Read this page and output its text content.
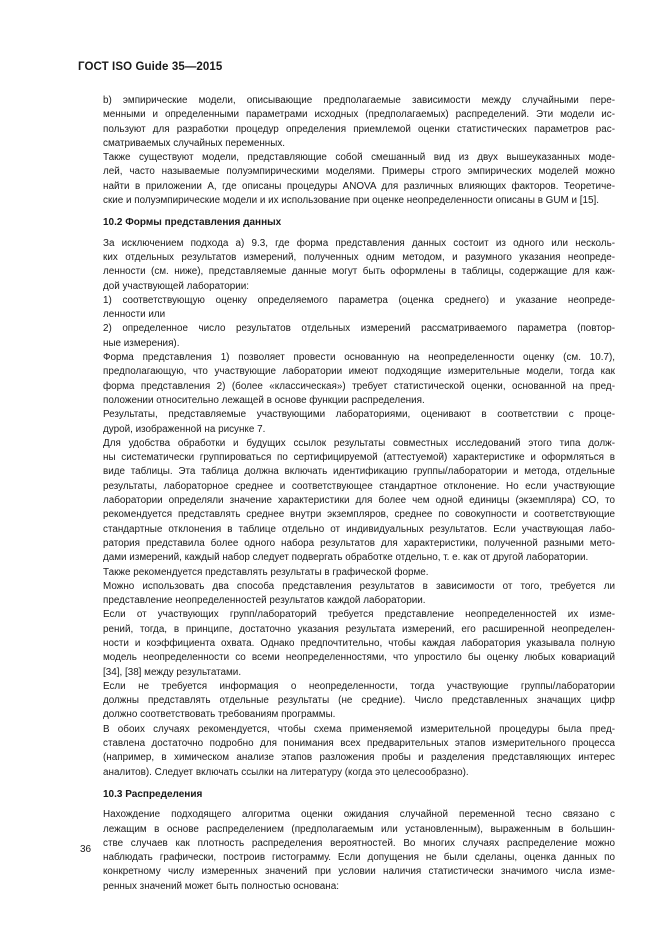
ГОСТ ISO Guide 35—2015
b) эмпирические модели, описывающие предполагаемые зависимости между случайными пере-
менными и определенными параметрами исходных (предполагаемых) распределений. Эти модели ис-
пользуют для разработки процедур определения приемлемой оценки статистических параметров рас-
сматриваемых случайных переменных.
Также существуют модели, представляющие собой смешанный вид из двух вышеуказанных моде-
лей, часто называемые полуэмпирическими моделями. Примеры строго эмпирических моделей можно
найти в приложении А, где описаны процедуры ANOVA для различных влияющих факторов. Теоретиче-
ские и полуэмпирические модели и их использование при оценке неопределенности описаны в GUM и [15].
10.2 Формы представления данных
За исключением подхода а) 9.3, где форма представления данных состоит из одного или несколь-
ких отдельных результатов измерений, полученных одним методом, и разумного указания неопреде-
ленности (см. ниже), представляемые данные могут быть оформлены в таблицы, содержащие для каж-
дой участвующей лаборатории:
1) соответствующую оценку определяемого параметра (оценка среднего) и указание неопреде-
ленности или
2) определенное число результатов отдельных измерений рассматриваемого параметра (повтор-
ные измерения).
Форма представления 1) позволяет провести основанную на неопределенности оценку (см. 10.7),
предполагающую, что участвующие лаборатории имеют подходящие измерительные модели, тогда как
форма представления 2) (более «классическая») требует статистической оценки, основанной на пред-
положении относительно лежащей в основе функции распределения.
Результаты, представляемые участвующими лабораториями, оценивают в соответствии с проце-
дурой, изображенной на рисунке 7.
Для удобства обработки и будущих ссылок результаты совместных исследований этого типа долж-
ны систематически группироваться по сертифицируемой (аттестуемой) характеристике и оформляться в
виде таблицы. Эта таблица должна включать идентификацию группы/лаборатории и метода, отдельные
результаты, лабораторное среднее и соответствующее стандартное отклонение. Но если участвующие
лаборатории определяли значение характеристики для более чем одной единицы (экземпляра) СО, то
рекомендуется представлять среднее внутри экземпляров, среднее по совокупности и соответствующие
стандартные отклонения в таблице отдельно от индивидуальных результатов. Если участвующая лабо-
ратория представила более одного набора результатов для характеристики, полученной разными мето-
дами измерений, каждый набор следует подвергать обработке отдельно, т. е. как от другой лаборатории.
Также рекомендуется представлять результаты в графической форме.
Можно использовать два способа представления результатов в зависимости от того, требуется ли
представление неопределенностей результатов каждой лаборатории.
Если от участвующих групп/лабораторий требуется представление неопределенностей их изме-
рений, тогда, в принципе, достаточно указания результата измерений, его расширенной неопределен-
ности и коэффициента охвата. Однако предпочтительно, чтобы каждая лаборатория указывала полную
модель неопределенности со всеми неопределенностями, что упростило бы оценку любых ковариаций
[34], [38] между результатами.
Если не требуется информация о неопределенности, тогда участвующие группы/лаборатории
должны представлять отдельные результаты (не средние). Число представленных значащих цифр
должно соответствовать требованиям программы.
В обоих случаях рекомендуется, чтобы схема применяемой измерительной процедуры была пред-
ставлена достаточно подробно для понимания всех предварительных этапов измерительного процесса
(например, в химическом анализе этапов разложения пробы и разделения представляющих интерес
аналитов). Следует включать ссылки на литературу (когда это целесообразно).
10.3 Распределения
Нахождение подходящего алгоритма оценки ожидания случайной переменной тесно связано с
лежащим в основе распределением (предполагаемым или установленным), выраженным в большин-
стве случаев как плотность распределения вероятностей. Во многих случаях распределение можно
наблюдать графически, построив гистограмму. Если допущения не были сделаны, оценка данных по
конкретному числу измеренных значений при условии наличия статистически значимого числа изме-
ренных значений может быть полностью основана:
36
